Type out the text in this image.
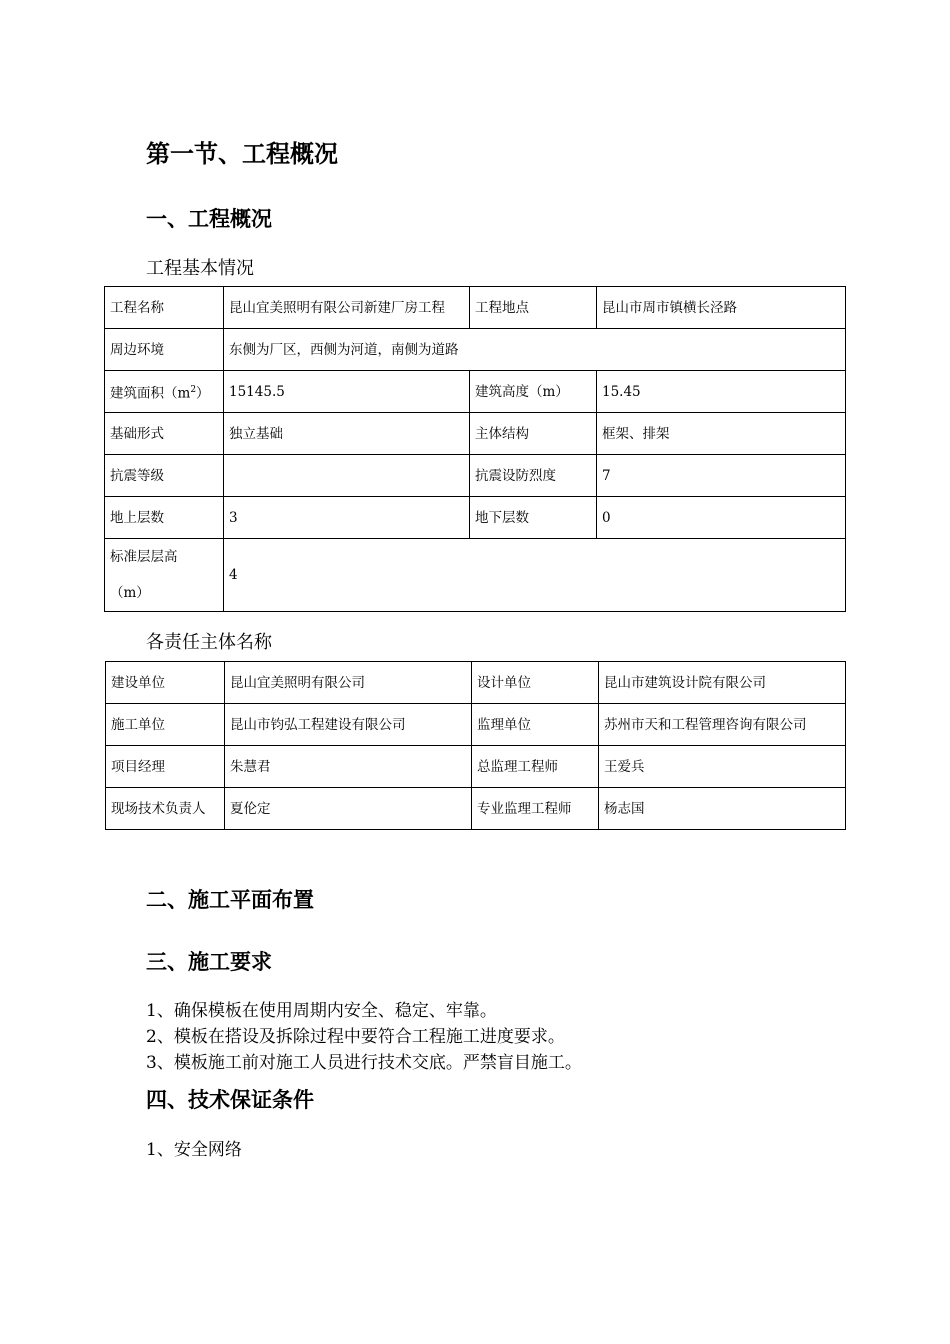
第一节、工程概况
一、工程概况
工程基本情况
工程名称	昆山宜美照明有限公司新建厂房工程	工程地点	昆山市周市镇横长泾路
周边环境	东侧为厂区，西侧为河道，南侧为道路		
建筑面积$(m^2)$	15145.5	建筑高度（m）	15.45
基础形式	独立基础	主体结构	框架、排架
抗震等级		抗震设防烈度	7
地上层数	3	地下层数	0

标准层层高
（m）	4		
各责任主体名称
建设单位	昆山宜美照明有限公司	设计单位	昆山市建筑设计院有限公司
施工单位	昆山市钧弘工程建设有限公司	监理单位	苏州市天和工程管理咨询有限公司
项目经理	朱慧君	总监理工程师	王爱兵
现场技术负责人	夏伦定	专业监理工程师	杨志国
二、施工平面布置
三、施工要求
1、确保模板在使用周期内安全、稳定、牢靠。
2、模板在搭设及拆除过程中要符合工程施工进度要求。
3、模板施工前对施工人员进行技术交底。严禁盲目施工。
四、技术保证条件
1、安全网络
